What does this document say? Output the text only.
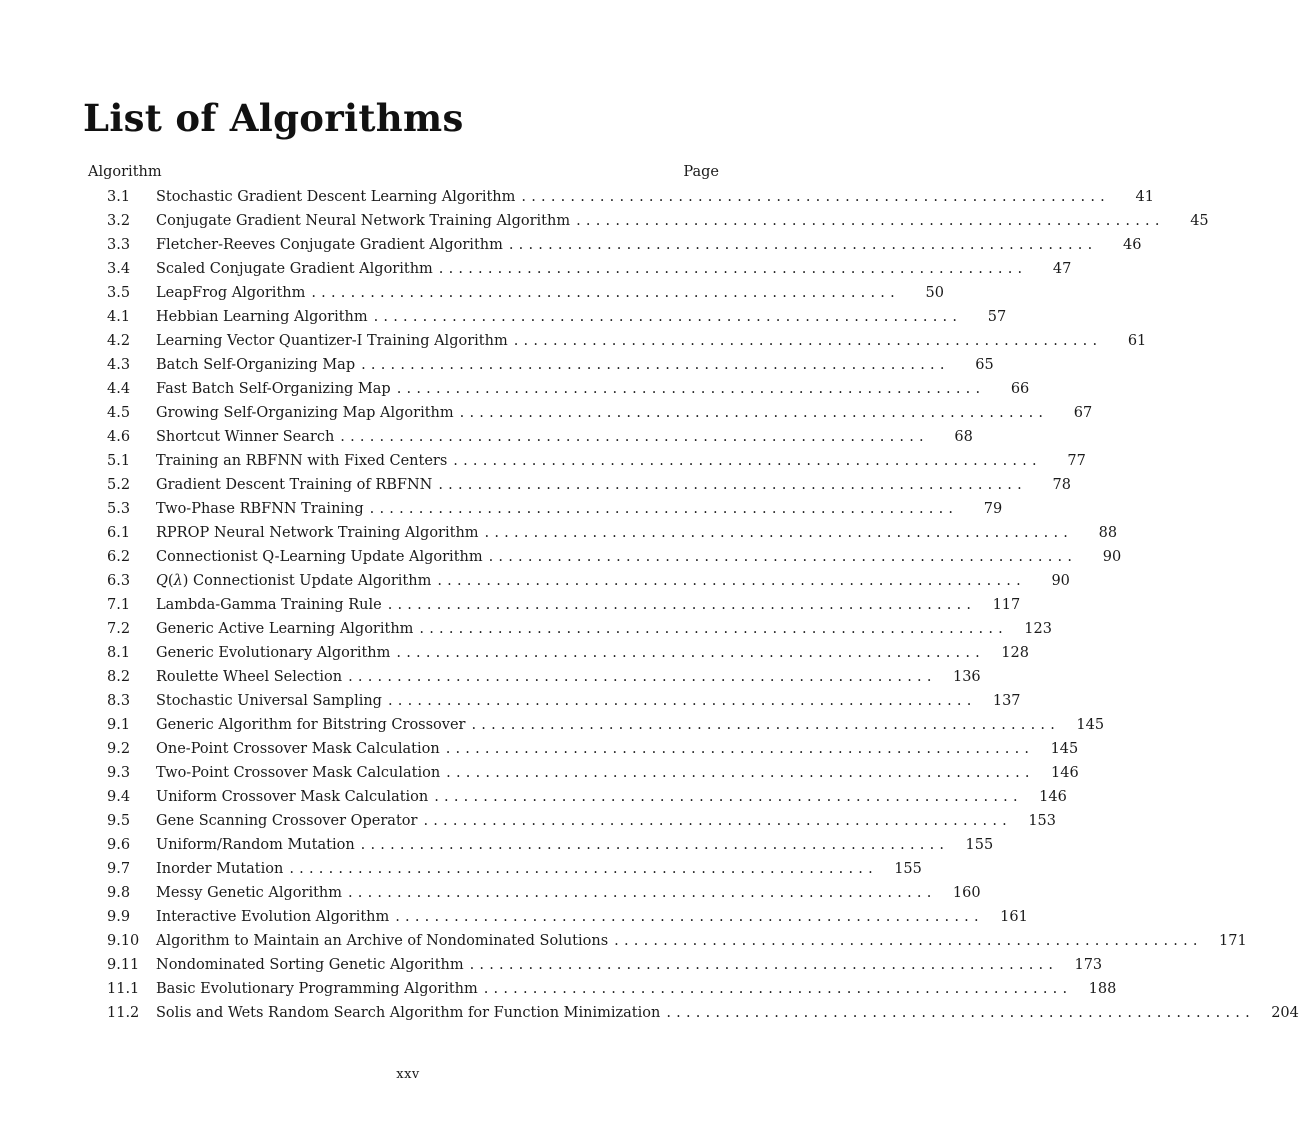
List of Algorithms
Algorithm	Page
3.1	Stochastic Gradient Descent Learning Algorithm ............................................................	41
3.2	Conjugate Gradient Neural Network Training Algorithm ............................................................	45
3.3	Fletcher-Reeves Conjugate Gradient Algorithm ............................................................	46
3.4	Scaled Conjugate Gradient Algorithm ............................................................	47
3.5	LeapFrog Algorithm ............................................................	50
4.1	Hebbian Learning Algorithm ............................................................	57
4.2	Learning Vector Quantizer-I Training Algorithm ............................................................	61
4.3	Batch Self-Organizing Map ............................................................	65
4.4	Fast Batch Self-Organizing Map ............................................................	66
4.5	Growing Self-Organizing Map Algorithm ............................................................	67
4.6	Shortcut Winner Search ............................................................	68
5.1	Training an RBFNN with Fixed Centers ............................................................	77
5.2	Gradient Descent Training of RBFNN ............................................................	78
5.3	Two-Phase RBFNN Training ............................................................	79
6.1	RPROP Neural Network Training Algorithm ............................................................	88
6.2	Connectionist Q-Learning Update Algorithm ............................................................	90
6.3	Q(λ) Connectionist Update Algorithm ............................................................	90
7.1	Lambda-Gamma Training Rule ............................................................	117
7.2	Generic Active Learning Algorithm ............................................................	123
8.1	Generic Evolutionary Algorithm ............................................................	128
8.2	Roulette Wheel Selection ............................................................	136
8.3	Stochastic Universal Sampling ............................................................	137
9.1	Generic Algorithm for Bitstring Crossover ............................................................	145
9.2	One-Point Crossover Mask Calculation ............................................................	145
9.3	Two-Point Crossover Mask Calculation ............................................................	146
9.4	Uniform Crossover Mask Calculation ............................................................	146
9.5	Gene Scanning Crossover Operator ............................................................	153
9.6	Uniform/Random Mutation ............................................................	155
9.7	Inorder Mutation ............................................................	155
9.8	Messy Genetic Algorithm ............................................................	160
9.9	Interactive Evolution Algorithm ............................................................	161
9.10	Algorithm to Maintain an Archive of Nondominated Solutions ............................................................	171
9.11	Nondominated Sorting Genetic Algorithm ............................................................	173
11.1	Basic Evolutionary Programming Algorithm ............................................................	188
11.2	Solis and Wets Random Search Algorithm for Function Minimization ............................................................	204
xxv
